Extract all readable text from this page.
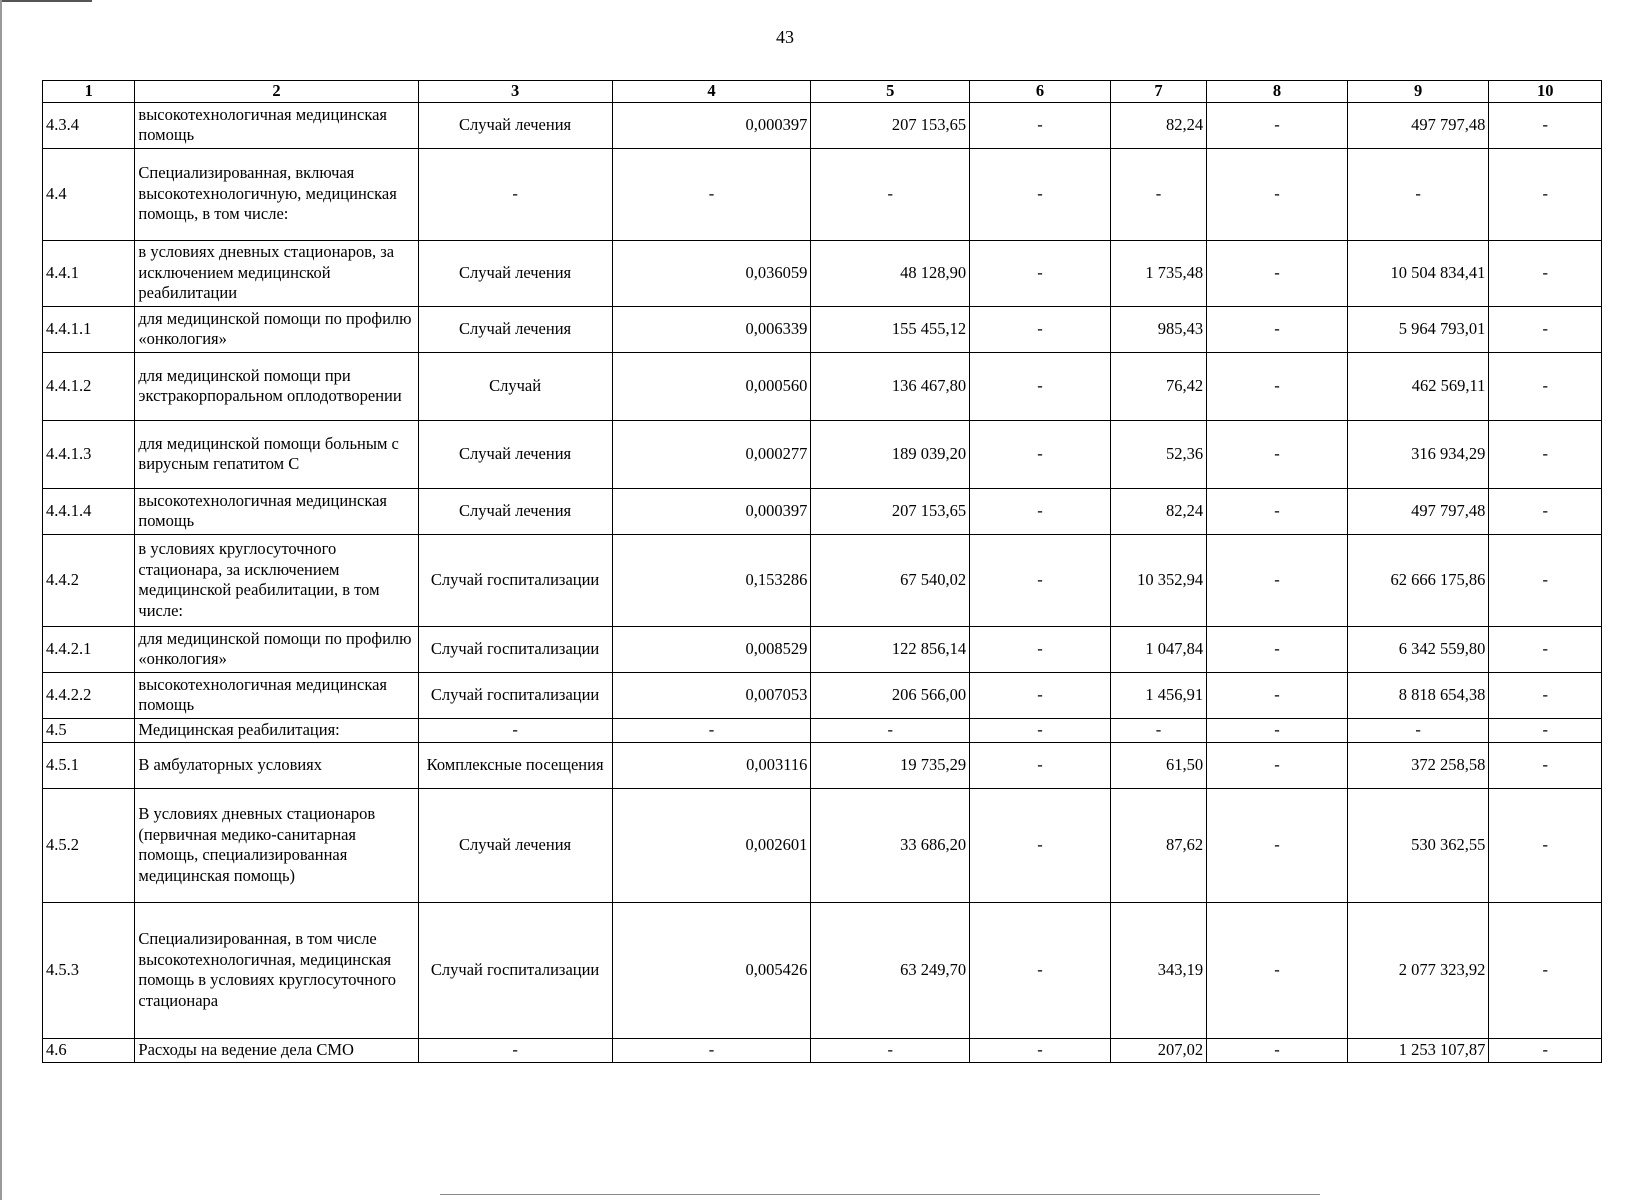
43
1	2	3	4	5	6	7	8	9	10
4.3.4	высокотехнологичная медицинская помощь	Случай лечения	0,000397	207 153,65	-	82,24	-	497 797,48	-
4.4	Специализированная, включая высокотехнологичную, медицинская помощь, в том числе:	-	-	-	-	-	-	-	-
4.4.1	в условиях дневных стационаров, за исключением медицинской реабилитации	Случай лечения	0,036059	48 128,90	-	1 735,48	-	10 504 834,41	-
4.4.1.1	для медицинской помощи по профилю «онкология»	Случай лечения	0,006339	155 455,12	-	985,43	-	5 964 793,01	-
4.4.1.2	для медицинской помощи при экстракорпоральном оплодотворении	Случай	0,000560	136 467,80	-	76,42	-	462 569,11	-
4.4.1.3	для медицинской помощи больным с вирусным гепатитом С	Случай лечения	0,000277	189 039,20	-	52,36	-	316 934,29	-
4.4.1.4	высокотехнологичная медицинская помощь	Случай лечения	0,000397	207 153,65	-	82,24	-	497 797,48	-
4.4.2	в условиях круглосуточного стационара, за исключением медицинской реабилитации, в том числе:	Случай госпитализации	0,153286	67 540,02	-	10 352,94	-	62 666 175,86	-
4.4.2.1	для медицинской помощи по профилю «онкология»	Случай госпитализации	0,008529	122 856,14	-	1 047,84	-	6 342 559,80	-
4.4.2.2	высокотехнологичная медицинская помощь	Случай госпитализации	0,007053	206 566,00	-	1 456,91	-	8 818 654,38	-
4.5	Медицинская реабилитация:	-	-	-	-	-	-	-	-
4.5.1	В амбулаторных условиях	Комплексные посещения	0,003116	19 735,29	-	61,50	-	372 258,58	-
4.5.2	В условиях дневных стационаров (первичная медико-санитарная помощь, специализированная медицинская помощь)	Случай лечения	0,002601	33 686,20	-	87,62	-	530 362,55	-
4.5.3	Специализированная, в том числе высокотехнологичная, медицинская помощь в условиях круглосуточного стационара	Случай госпитализации	0,005426	63 249,70	-	343,19	-	2 077 323,92	-
4.6	Расходы на ведение дела СМО	-	-	-	-	207,02	-	1 253 107,87	-
